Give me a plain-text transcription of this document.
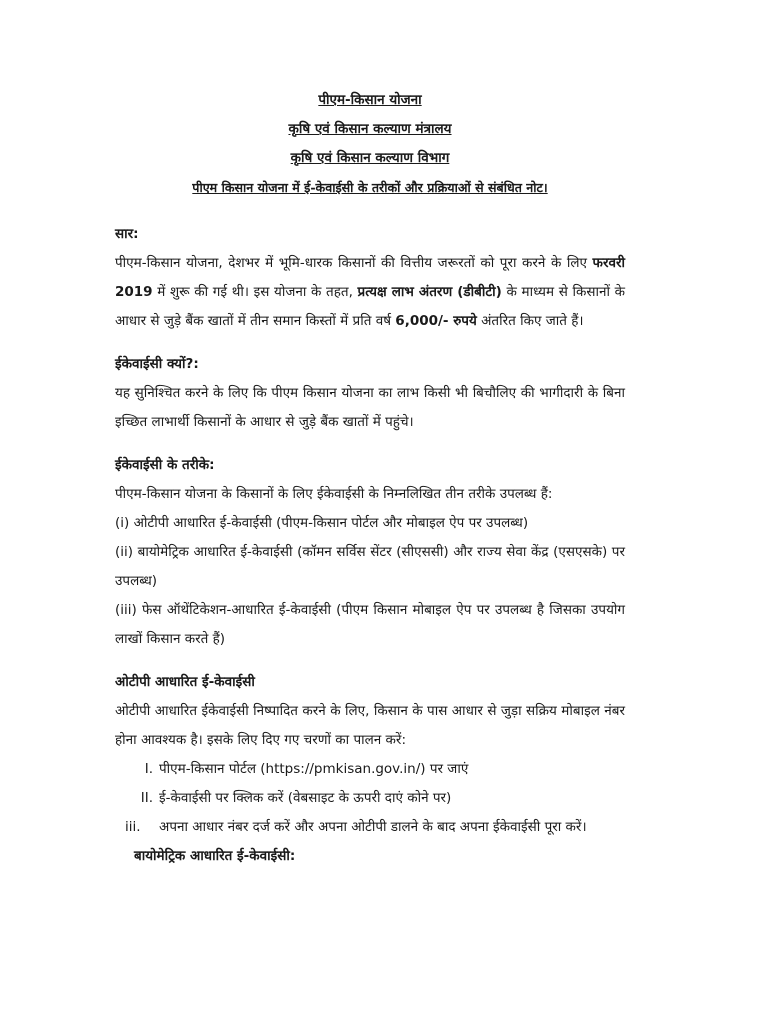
पीएम-किसान योजना
कृषि एवं किसान कल्याण मंत्रालय
कृषि एवं किसान कल्याण विभाग
पीएम किसान योजना में ई-केवाईसी के तरीकों और प्रक्रियाओं से संबंधित नोट।
सार:
पीएम-किसान योजना, देशभर में भूमि-धारक किसानों की वित्तीय जरूरतों को पूरा करने के लिए फरवरी 2019 में शुरू की गई थी। इस योजना के तहत, प्रत्यक्ष लाभ अंतरण (डीबीटी) के माध्यम से किसानों के आधार से जुड़े बैंक खातों में तीन समान किस्तों में प्रति वर्ष 6,000/- रुपये अंतरित किए जाते हैं।
ईकेवाईसी क्यों?:
यह सुनिश्चित करने के लिए कि पीएम किसान योजना का लाभ किसी भी बिचौलिए की भागीदारी के बिना इच्छित लाभार्थी किसानों के आधार से जुड़े बैंक खातों में पहुंचे।
ईकेवाईसी के तरीके:
पीएम-किसान योजना के किसानों के लिए ईकेवाईसी के निम्नलिखित तीन तरीके उपलब्ध हैं:
(i) ओटीपी आधारित ई-केवाईसी (पीएम-किसान पोर्टल और मोबाइल ऐप पर उपलब्ध)
(ii) बायोमेट्रिक आधारित ई-केवाईसी (कॉमन सर्विस सेंटर (सीएससी) और राज्य सेवा केंद्र (एसएसके) पर उपलब्ध)
(iii) फेस ऑथेंटिकेशन-आधारित ई-केवाईसी (पीएम किसान मोबाइल ऐप पर उपलब्ध है जिसका उपयोग लाखों किसान करते हैं)
ओटीपी आधारित ई-केवाईसी
ओटीपी आधारित ईकेवाईसी निष्पादित करने के लिए, किसान के पास आधार से जुड़ा सक्रिय मोबाइल नंबर होना आवश्यक है। इसके लिए दिए गए चरणों का पालन करें:
I. पीएम-किसान पोर्टल (https://pmkisan.gov.in/) पर जाएं
II. ई-केवाईसी पर क्लिक करें (वेबसाइट के ऊपरी दाएं कोने पर)
iii.	अपना आधार नंबर दर्ज करें और अपना ओटीपी डालने के बाद अपना ईकेवाईसी पूरा करें।
बायोमेट्रिक आधारित ई-केवाईसी:
